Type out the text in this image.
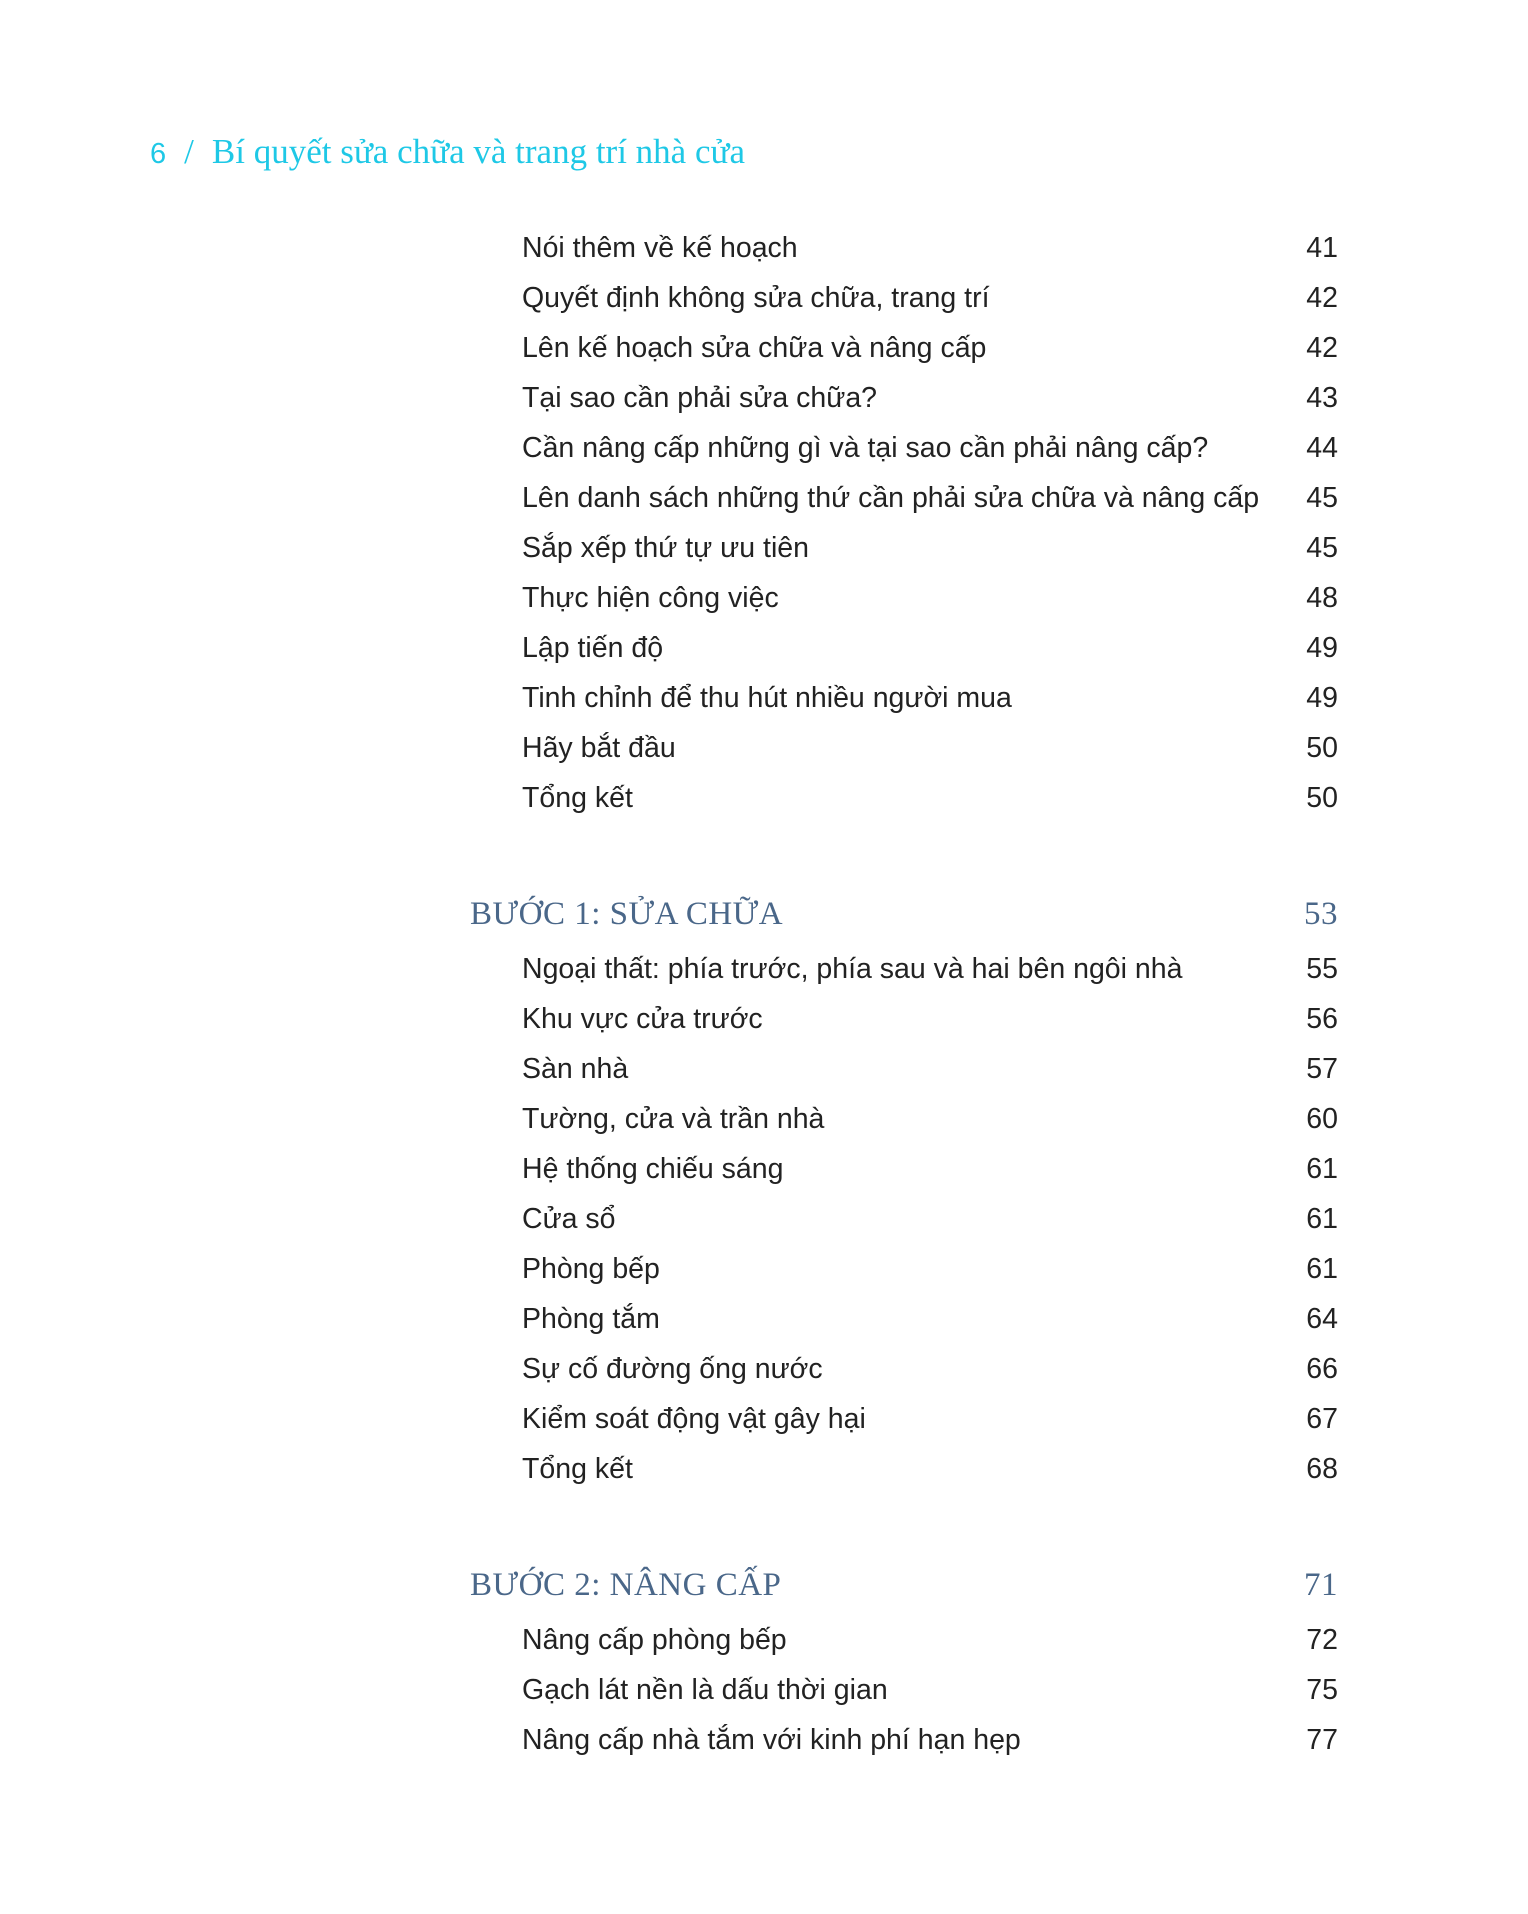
6 / Bí quyết sửa chữa và trang trí nhà cửa
Nói thêm về kế hoạch	41
Quyết định không sửa chữa, trang trí	42
Lên kế hoạch sửa chữa và nâng cấp	42
Tại sao cần phải sửa chữa?	43
Cần nâng cấp những gì và tại sao cần phải nâng cấp?	44
Lên danh sách những thứ cần phải sửa chữa và nâng cấp 45
Sắp xếp thứ tự ưu tiên	45
Thực hiện công việc	48
Lập tiến độ	49
Tinh chỉnh để thu hút nhiều người mua	49
Hãy bắt đầu	50
Tổng kết	50
BƯỚC 1: SỬA CHỮA	53
Ngoại thất: phía trước, phía sau và hai bên ngôi nhà	55
Khu vực cửa trước	56
Sàn nhà	57
Tường, cửa và trần nhà	60
Hệ thống chiếu sáng	61
Cửa sổ	61
Phòng bếp	61
Phòng tắm	64
Sự cố đường ống nước	66
Kiểm soát động vật gây hại	67
Tổng kết	68
BƯỚC 2: NÂNG CẤP	71
Nâng cấp phòng bếp	72
Gạch lát nền là dấu thời gian	75
Nâng cấp nhà tắm với kinh phí hạn hẹp	77
